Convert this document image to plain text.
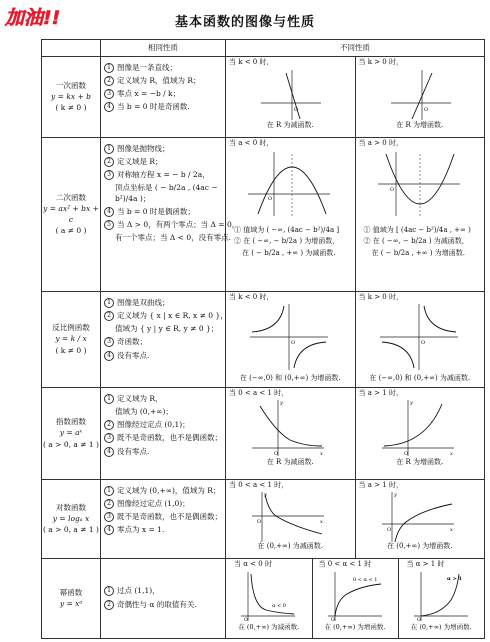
加油!!	基本函数的图像与性质
	相同性质	不同性质

一次函数
y = kx + b
( k ≠ 0 )

1 图像是一条直线；
2 定义域为 R，值域为 R；
3 零点 x = −b / k；
4 当 b = 0 时是奇函数.

当 k < 0 时，
O
在 R 为减函数.

当 k > 0 时，
O
在 R 为增函数.

二次函数
y = ax² + bx + c
( a ≠ 0 )

1 图像是抛物线；
2 定义域是 R；
3 对称轴方程 x = − b / 2a，
顶点坐标是 ( − b/2a , (4ac − b²)/4a )；
4 当 b = 0 时是偶函数；
5 当 Δ > 0，有两个零点；当 Δ = 0，
有一个零点；当 Δ < 0，没有零点.

当 a < 0 时，
O
① 值域为 ( −∞, (4ac − b²)/4a ]
② 在 ( −∞, − b/2a ) 为增函数，
在 ( − b/2a , +∞ ) 为减函数.

当 a > 0 时，
O
① 值域为 [ (4ac − b²)/4a , +∞ )
② 在 ( −∞, − b/2a ) 为减函数，
在 ( − b/2a , +∞ ) 为增函数.

反比例函数
y = k / x
( k ≠ 0 )

1 图像是双曲线；
2 定义域为 { x | x ∈ R, x ≠ 0 }，
值域为 { y | y ∈ R, y ≠ 0 }；
3 奇函数；
4 没有零点.

当 k < 0 时，
O
在 (−∞,0) 和 (0,+∞) 为增函数.

当 k > 0 时，
O
在 (−∞,0) 和 (0,+∞) 为减函数.

指数函数
y = aˣ
( a > 0, a ≠ 1 )

1 定义域为 R，
值域为 (0,+∞)；
2 图像经过定点 (0,1)；
3 既不是奇函数，也不是偶函数；
4 没有零点.

当 0 < a < 1 时，
O	x
y
在 R 为减函数.

当 a > 1 时，
O	x
y
在 R 为增函数.

对数函数
y = logₐ x
( a > 0, a ≠ 1 )

1 定义域为 (0,+∞)，值域为 R；
2 图像经过定点 (1,0)；
3 既不是奇函数，也不是偶函数；
4 零点为 x = 1.

当 0 < a < 1 时，
O	x
y
在 (0,+∞) 为减函数.

当 a > 1 时，
O	x
y
在 (0,+∞) 为增函数.

幂函数
y = xᵃ

1 过点 (1,1)，
2 奇偶性与 α 的取值有关.

当 α < 0 时
α < 0
O
在 (0,+∞) 为减函数.

当 0 < α < 1 时
0 < α < 1
O
在 (0,+∞) 为增函数.

当 α > 1 时
α > 1
O
在 (0,+∞) 为增函数.
